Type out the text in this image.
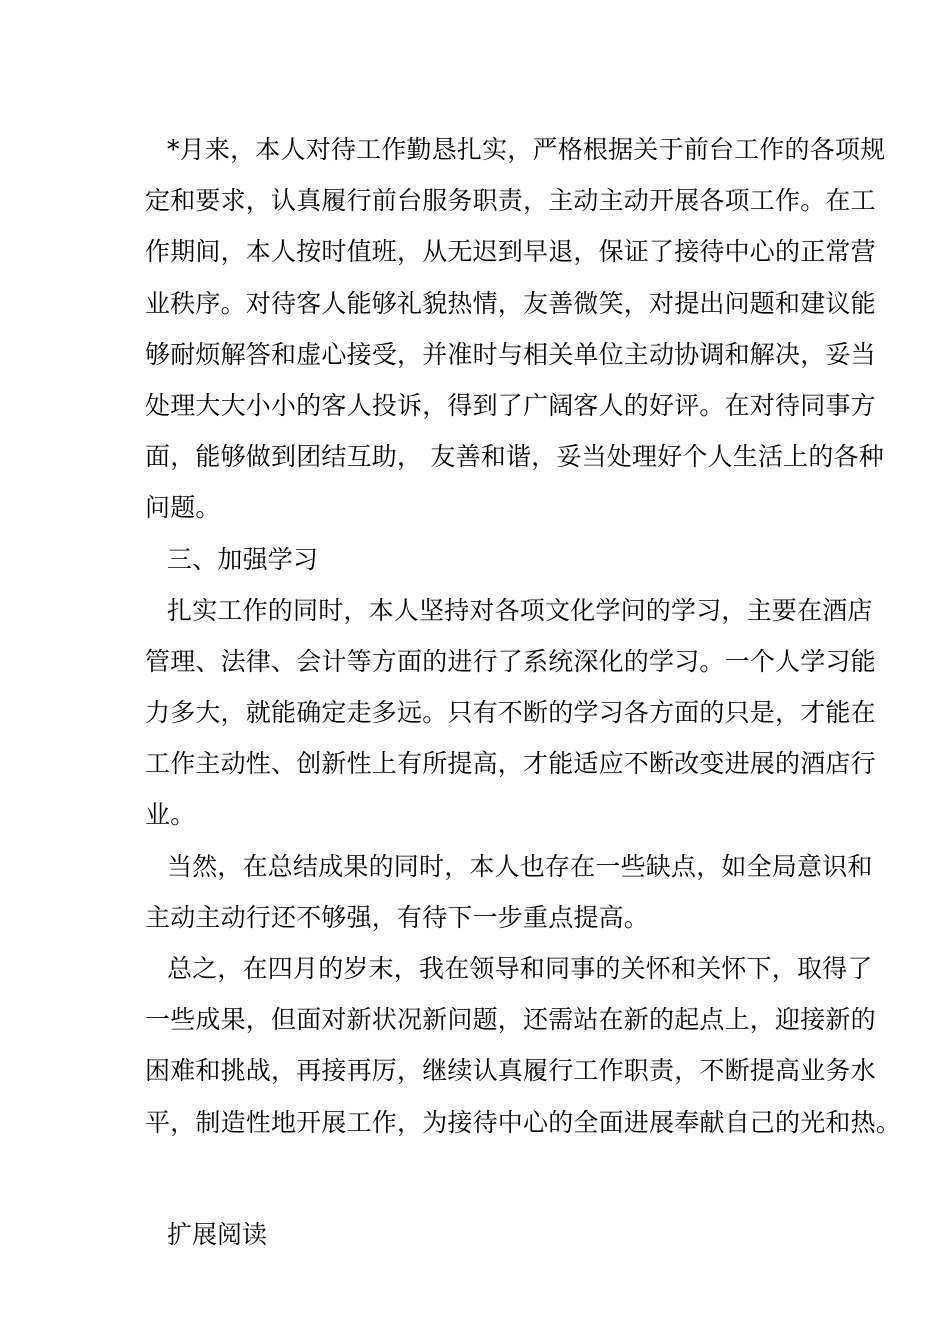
*月来，本人对待工作勤恳扎实，严格根据关于前台工作的各项规
定和要求，认真履行前台服务职责，主动主动开展各项工作。在工
作期间，本人按时值班，从无迟到早退，保证了接待中心的正常营
业秩序。对待客人能够礼貌热情，友善微笑，对提出问题和建议能
够耐烦解答和虚心接受，并准时与相关单位主动协调和解决，妥当
处理大大小小的客人投诉，得到了广阔客人的好评。在对待同事方
面，能够做到团结互助， 友善和谐，妥当处理好个人生活上的各种
问题。
三、加强学习
扎实工作的同时，本人坚持对各项文化学问的学习，主要在酒店
管理、法律、会计等方面的进行了系统深化的学习。一个人学习能
力多大，就能确定走多远。只有不断的学习各方面的只是，才能在
工作主动性、创新性上有所提高，才能适应不断改变进展的酒店行
业。
当然，在总结成果的同时，本人也存在一些缺点，如全局意识和
主动主动行还不够强，有待下一步重点提高。
总之，在四月的岁末，我在领导和同事的关怀和关怀下，取得了
一些成果，但面对新状况新问题，还需站在新的起点上，迎接新的
困难和挑战，再接再厉，继续认真履行工作职责，不断提高业务水
平，制造性地开展工作，为接待中心的全面进展奉献自己的光和热。
扩展阅读
